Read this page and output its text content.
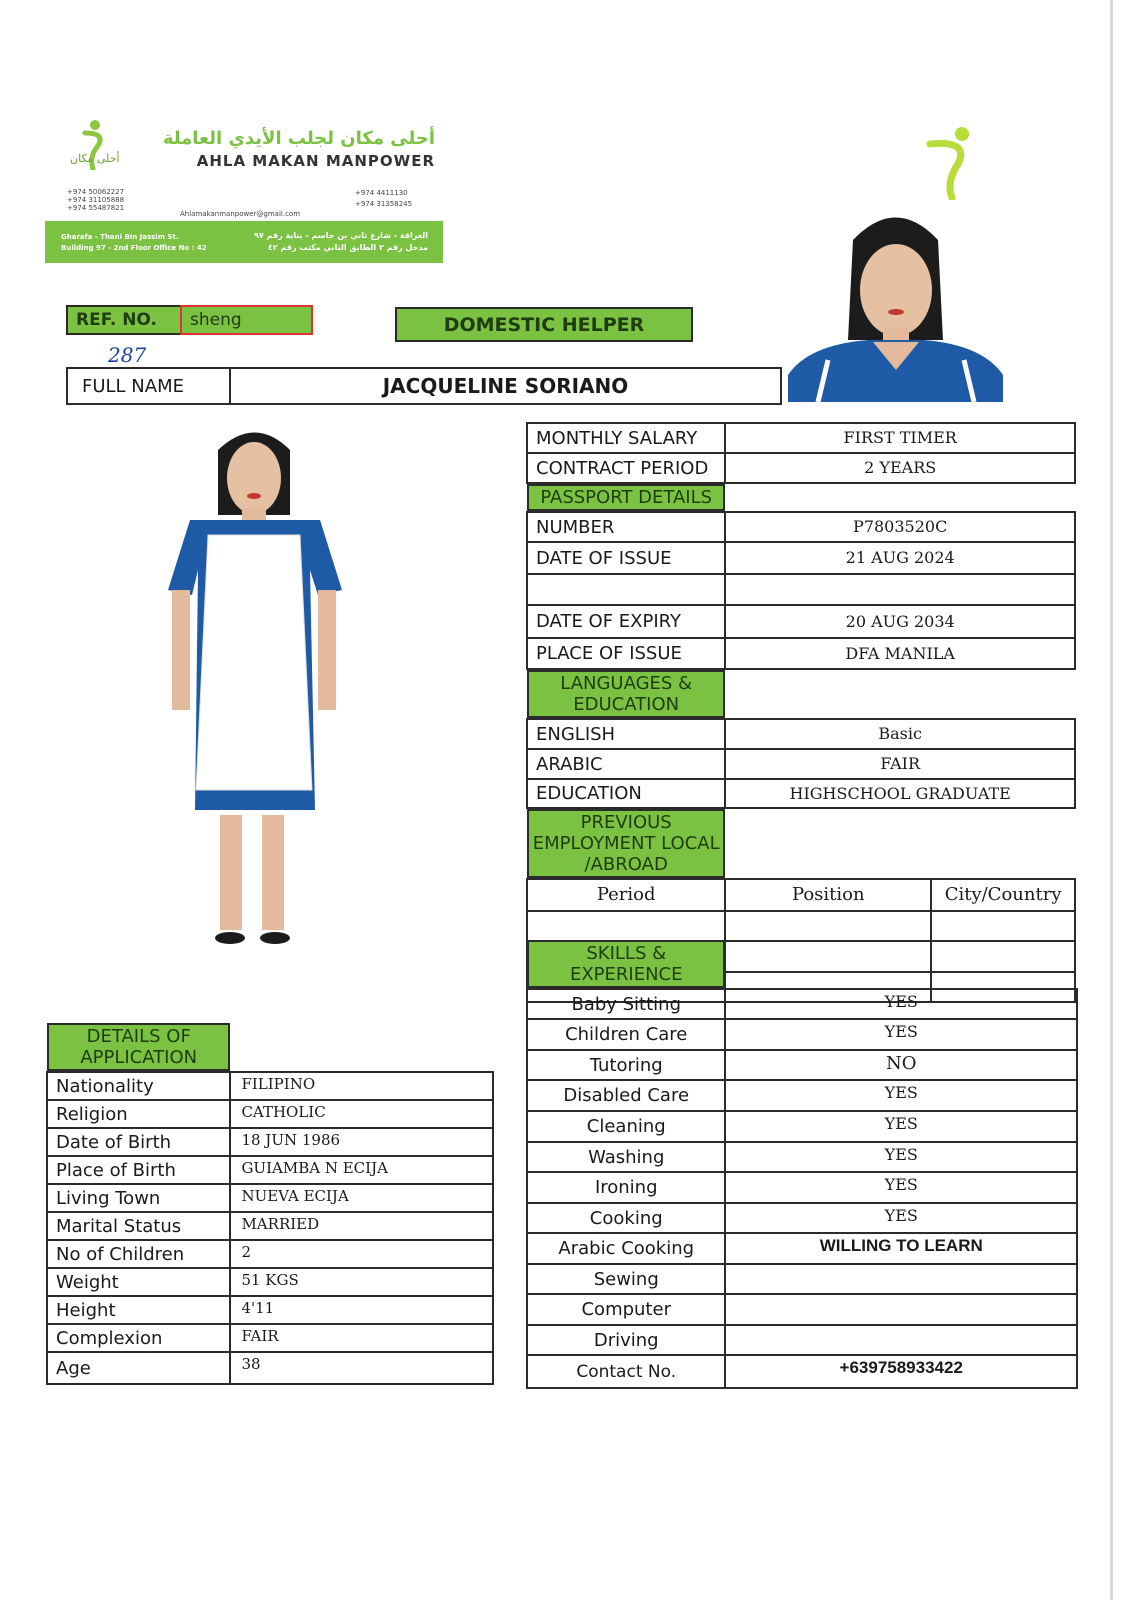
أحلى مكان
أحلى مكان لجلب الأيدي العاملة
AHLA MAKAN MANPOWER
+974 50062227
+974 31105888
+974 55487821
Ahlamakanmanpower@gmail.com
+974 4411130
+974 31358245
Gharafa - Thani Bin Jassim St.
Building 97 - 2nd Floor Office No : 42
الغرافة - شارع ثاني بن جاسم - بناية رقم ٩٧
مدخل رقم ٢ الطابق الثاني مكتب رقم ٤٢
REF. NO.	sheng
287
DOMESTIC HELPER
FULL NAME	JACQUELINE SORIANO
MONTHLY SALARY	FIRST TIMER	
CONTRACT PERIOD	2 YEARS	

PASSPORT DETAILS

NUMBER	P7803520C	
DATE OF ISSUE	21 AUG 2024	

DATE OF EXPIRY	20 AUG 2034	
PLACE OF ISSUE	DFA MANILA	

LANGUAGES & EDUCATION

ENGLISH	Basic	
ARABIC	FAIR	
EDUCATION	HIGHSCHOOL GRADUATE	

PREVIOUS EMPLOYMENT LOCAL /ABROAD

Period	Position	City/Country

SKILLS & EXPERIENCE

Baby Sitting	YES
Children Care	YES
Tutoring	NO
Disabled Care	YES
Cleaning	YES
Washing	YES
Ironing	YES
Cooking	YES
Arabic Cooking	WILLING TO LEARN
Sewing	
Computer	
Driving	
Contact No.	+639758933422
DETAILS OF APPLICATION

Nationality	FILIPINO
Religion	CATHOLIC
Date of Birth	18 JUN 1986
Place of Birth	GUIAMBA N ECIJA
Living Town	NUEVA ECIJA
Marital Status	MARRIED
No of Children	2
Weight	51 KGS
Height	4'11
Complexion	FAIR
Age	38
